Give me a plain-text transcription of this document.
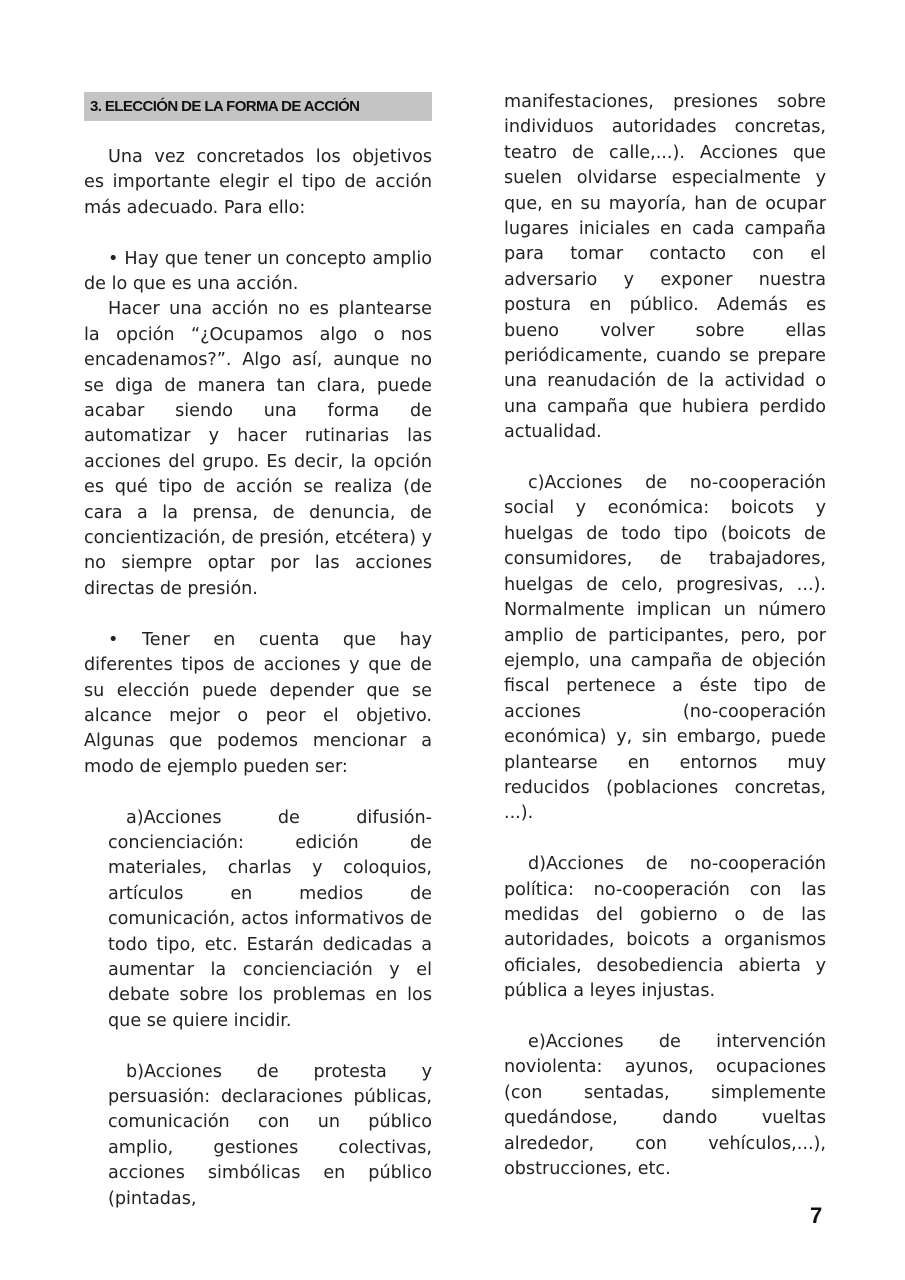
3. ELECCIÓN DE LA FORMA DE ACCIÓN

Una vez concretados los objetivos es importante elegir el tipo de acción más adecuado. Para ello:

• Hay que tener un concepto amplio de lo que es una acción.

Hacer una acción no es plantearse la opción “¿Ocupamos algo o nos encadenamos?”. Algo así, aunque no se diga de manera tan clara, puede acabar siendo una forma de automatizar y hacer rutinarias las acciones del grupo. Es decir, la opción es qué tipo de acción se realiza (de cara a la prensa, de denuncia, de concientización, de presión, etcétera) y no siempre optar por las acciones directas de presión.

• Tener en cuenta que hay diferentes tipos de acciones y que de su elección puede depender que se alcance mejor o peor el objetivo. Algunas que podemos mencionar a modo de ejemplo pueden ser:

a)Acciones de difusión-concienciación: edición de materiales, charlas y coloquios, artículos en medios de comunicación, actos informativos de todo tipo, etc. Estarán dedicadas a aumentar la concienciación y el debate sobre los problemas en los que se quiere incidir.

b)Acciones de protesta y persuasión: declaraciones públicas, comunicación con un público amplio, gestiones colectivas, acciones simbólicas en público (pintadas,

manifestaciones, presiones sobre individuos autoridades concretas, teatro de calle,...). Acciones que suelen olvidarse especialmente y que, en su mayoría, han de ocupar lugares iniciales en cada campaña para tomar contacto con el adversario y exponer nuestra postura en público. Además es bueno volver sobre ellas periódicamente, cuando se prepare una reanudación de la actividad o una campaña que hubiera perdido actualidad.

c)Acciones de no-cooperación social y económica: boicots y huelgas de todo tipo (boicots de consumidores, de trabajadores, huelgas de celo, progresivas, ...). Normalmente implican un número amplio de participantes, pero, por ejemplo, una campaña de objeción fiscal pertenece a éste tipo de acciones (no-cooperación económica) y, sin embargo, puede plantearse en entornos muy reducidos (poblaciones concretas, ...).

d)Acciones de no-cooperación política: no-cooperación con las medidas del gobierno o de las autoridades, boicots a organismos oficiales, desobediencia abierta y pública a leyes injustas.

e)Acciones de intervención noviolenta: ayunos, ocupaciones (con sentadas, simplemente quedándose, dando vueltas alrededor, con vehículos,...), obstrucciones, etc.

7
